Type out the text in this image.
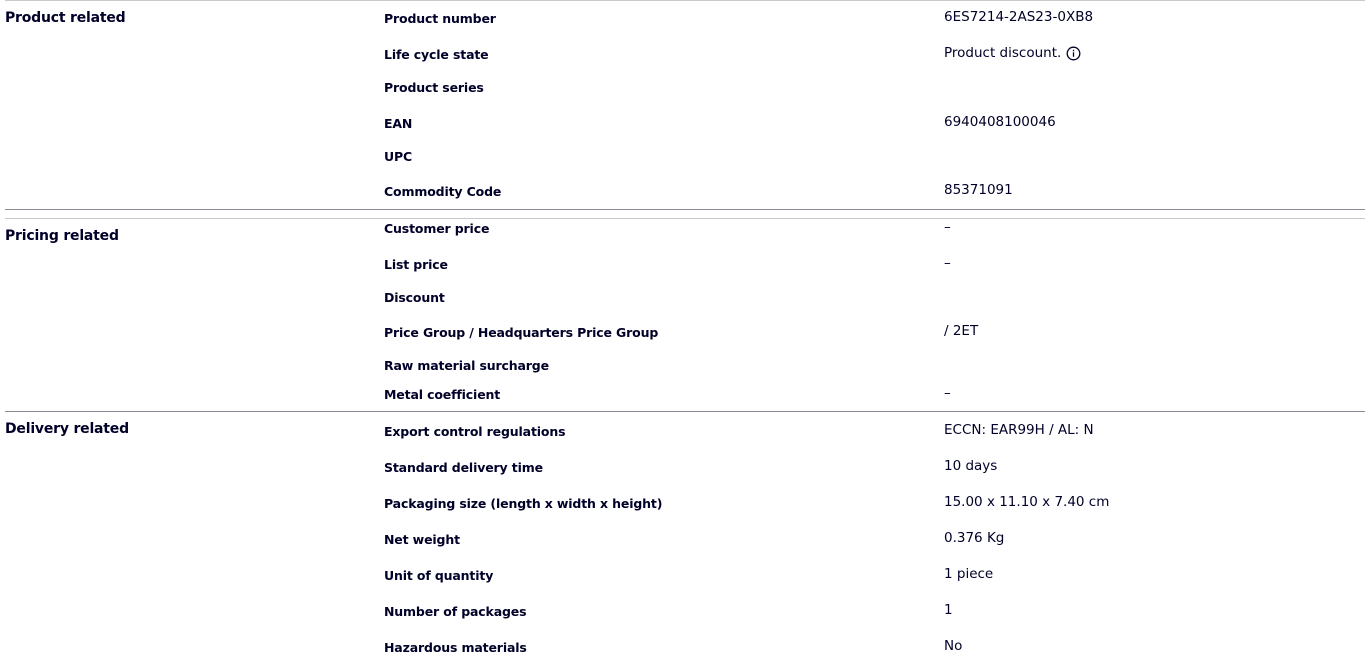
Product related	Product number	6ES7214-2AS23-0XB8
Life cycle state	Product discount.
Product series
EAN	6940408100046
UPC
Commodity Code	85371091
Pricing related	Customer price	–
List price	–
Discount
Price Group / Headquarters Price Group	/ 2ET
Raw material surcharge
Metal coefficient	–
Delivery related	Export control regulations	ECCN: EAR99H / AL: N
Standard delivery time	10 days
Packaging size (length x width x height)	15.00 x 11.10 x 7.40 cm
Net weight	0.376 Kg
Unit of quantity	1 piece
Number of packages	1
Hazardous materials	No
